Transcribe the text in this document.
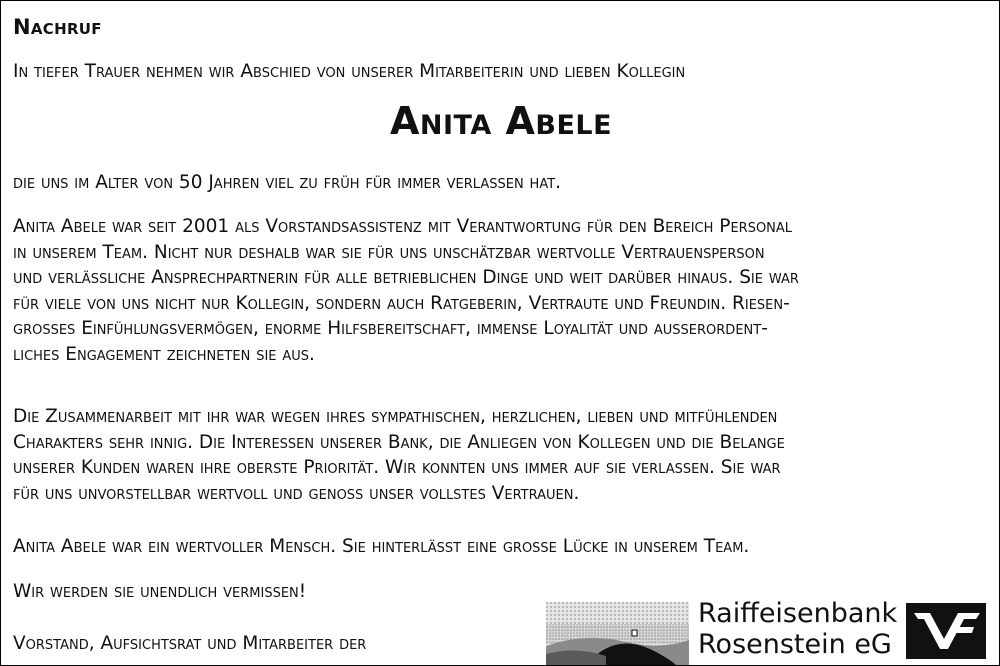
Nachruf
In tiefer Trauer nehmen wir Abschied von unserer Mitarbeiterin und lieben Kollegin
Anita Abele
die uns im Alter von 50 Jahren viel zu früh für immer verlassen hat.
Anita Abele war seit 2001 als Vorstandsassistenz mit Verantwortung für den Bereich Personal
in unserem Team. Nicht nur deshalb war sie für uns unschätzbar wertvolle Vertrauensperson
und verlässliche Ansprechpartnerin für alle betrieblichen Dinge und weit darüber hinaus. Sie war
für viele von uns nicht nur Kollegin, sondern auch Ratgeberin, Vertraute und Freundin. Riesen-
grosses Einfühlungsvermögen, enorme Hilfsbereitschaft, immense Loyalität und ausserordent-
liches Engagement zeichneten sie aus.
Die Zusammenarbeit mit ihr war wegen ihres sympathischen, herzlichen, lieben und mitfühlenden
Charakters sehr innig. Die Interessen unserer Bank, die Anliegen von Kollegen und die Belange
unserer Kunden waren ihre oberste Priorität. Wir konnten uns immer auf sie verlassen. Sie war
für uns unvorstellbar wertvoll und genoss unser vollstes Vertrauen.
Anita Abele war ein wertvoller Mensch. Sie hinterlässt eine grosse Lücke in unserem Team.
Wir werden sie unendlich vermissen!
Vorstand, Aufsichtsrat und Mitarbeiter der
Raiffeisenbank
Rosenstein eG
